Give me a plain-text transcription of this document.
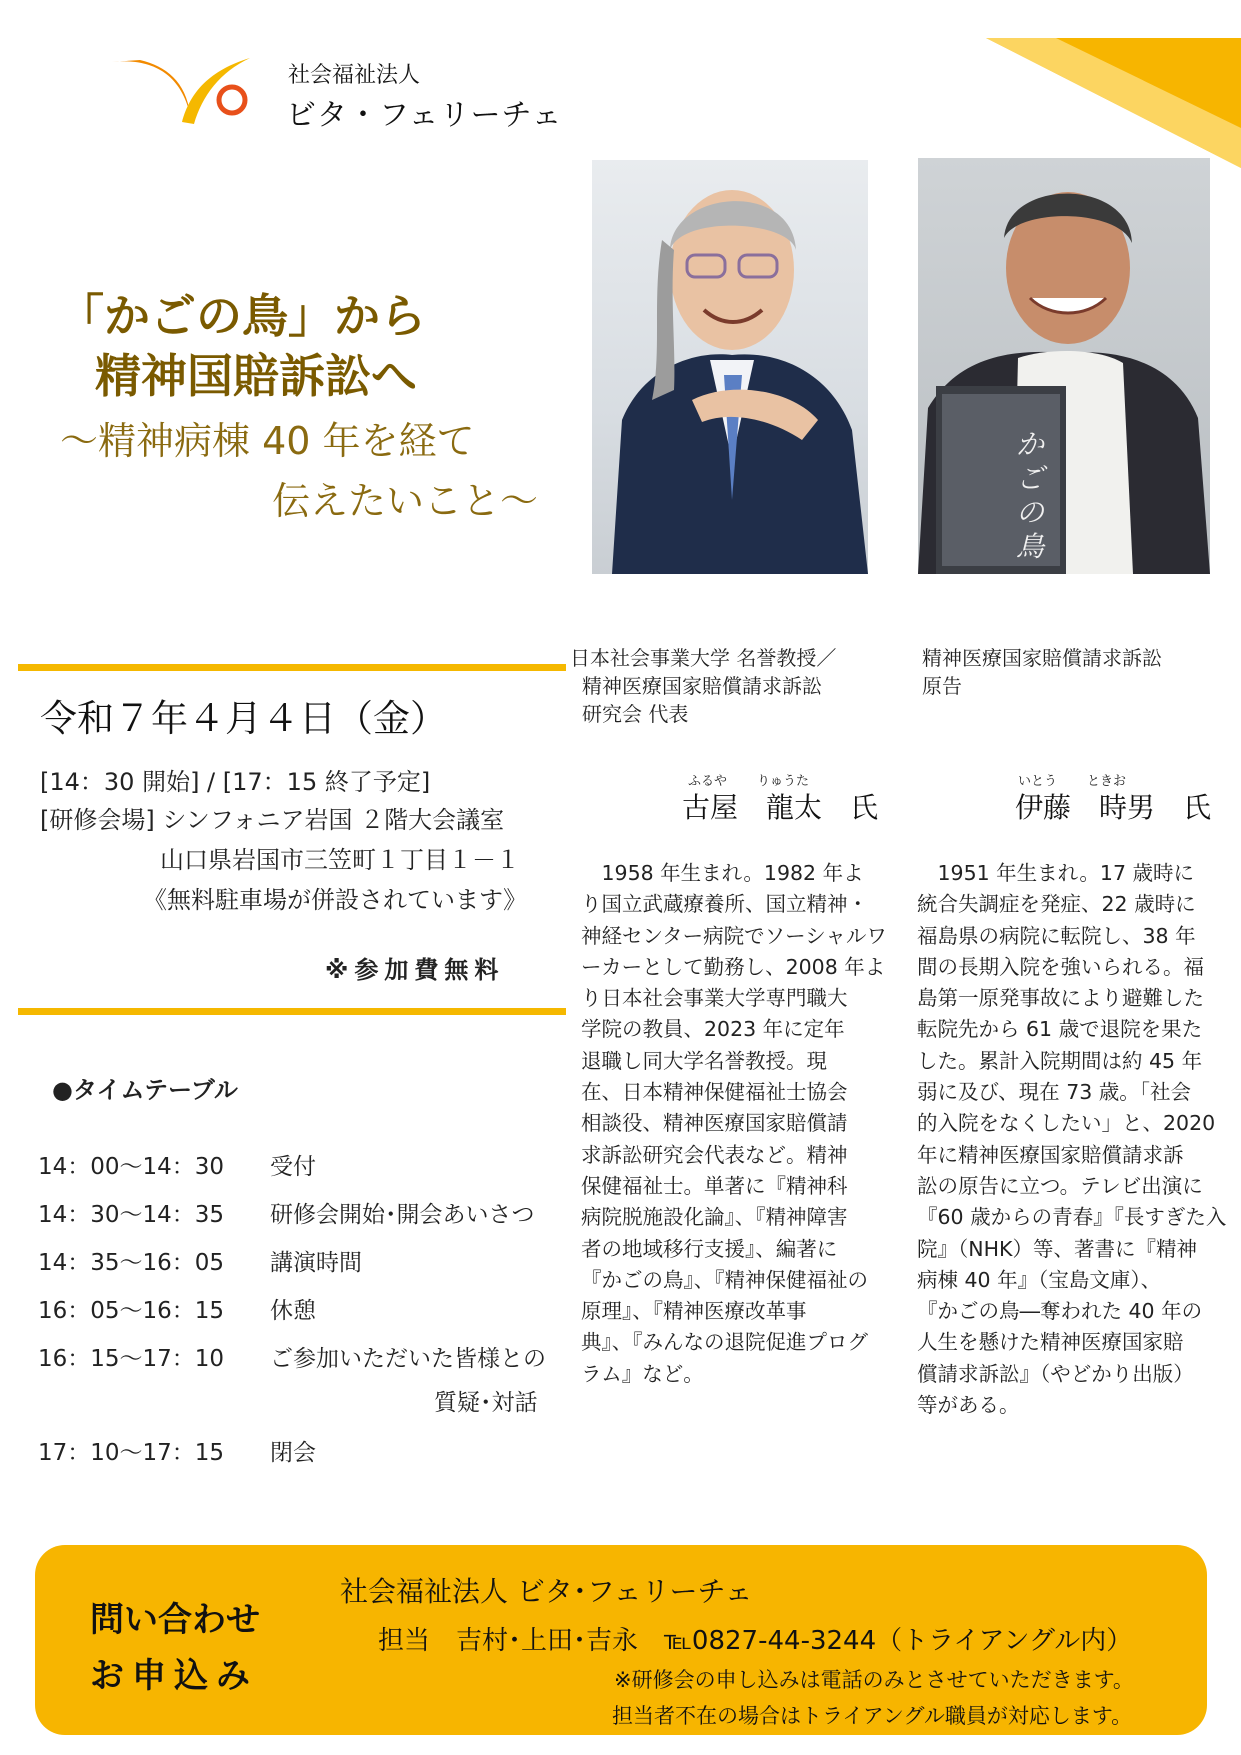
社会福祉法人
ビタ・フェリーチェ
「かごの鳥」から
精神国賠訴訟へ
～精神病棟 40 年を経て
伝えたいこと～
かごの鳥
令和７年４月４日（金）
[14：30 開始] / [17：15 終了予定]
[研修会場] シンフォニア岩国 ２階大会議室
山口県岩国市三笠町１丁目１－１
《無料駐車場が併設されています》
※参加費無料
●タイムテーブル
14：00～14：30 受付
14：30～14：35 研修会開始･開会あいさつ
14：35～16：05 講演時間
16：05～16：15 休憩
16：15～17：10 ご参加いただいた皆様との
質疑･対話
17：10～17：15 閉会
日本社会事業大学 名誉教授／
精神医療国家賠償請求訴訟
研究会 代表
ふるや りゅうた
古屋　龍太　氏
　1958 年生まれ。1982 年よ
り国立武蔵療養所、国立精神・
神経センター病院でソーシャルワ
ーカーとして勤務し、2008 年よ
り日本社会事業大学専門職大
学院の教員、2023 年に定年
退職し同大学名誉教授。現
在、日本精神保健福祉士協会
相談役、精神医療国家賠償請
求訴訟研究会代表など。精神
保健福祉士。単著に『精神科
病院脱施設化論』、『精神障害
者の地域移行支援』、編著に
『かごの鳥』、『精神保健福祉の
原理』、『精神医療改革事
典』、『みんなの退院促進プログ
ラム』など。
精神医療国家賠償請求訴訟
原告
いとう ときお
伊藤　時男　氏
　1951 年生まれ。17 歳時に
統合失調症を発症、22 歳時に
福島県の病院に転院し、38 年
間の長期入院を強いられる。福
島第一原発事故により避難した
転院先から 61 歳で退院を果た
した。累計入院期間は約 45 年
弱に及び、現在 73 歳。「社会
的入院をなくしたい」と、2020
年に精神医療国家賠償請求訴
訟の原告に立つ。テレビ出演に
『60 歳からの青春』『長すぎた入
院』（NHK）等、著書に『精神
病棟 40 年』（宝島文庫）、
『かごの鳥―奪われた 40 年の
人生を懸けた精神医療国家賠
償請求訴訟』（やどかり出版）
等がある。
問い合わせ
お申込み
社会福祉法人 ビタ･フェリーチェ
担当　吉村･上田･吉永　℡0827-44-3244（トライアングル内）
※研修会の申し込みは電話のみとさせていただきます。
担当者不在の場合はトライアングル職員が対応します。
